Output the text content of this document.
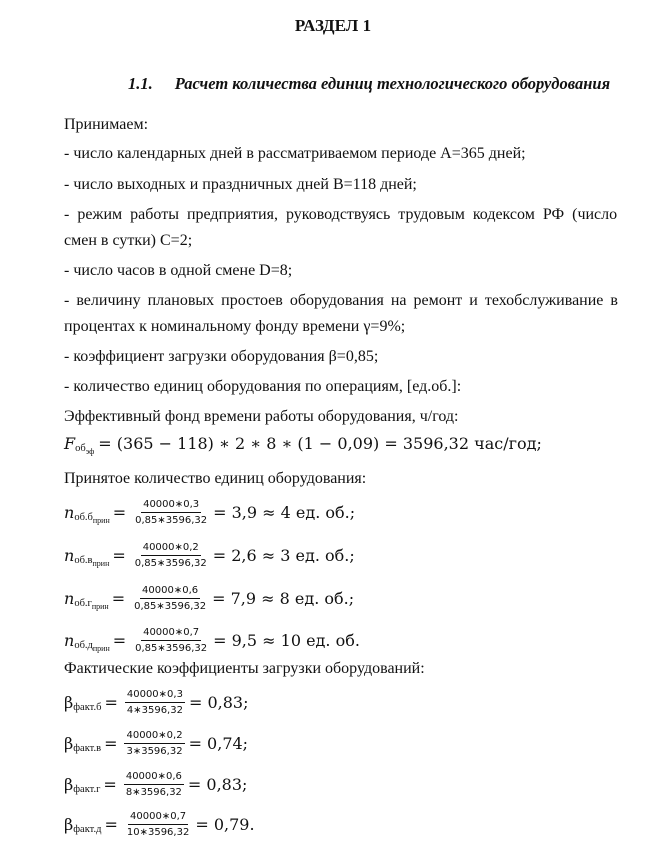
РАЗДЕЛ 1
1.1. Расчет количества единиц технологического оборудования
Принимаем:
- число календарных дней в рассматриваемом периоде А=365 дней;
- число выходных и праздничных дней В=118 дней;
- режим работы предприятия, руководствуясь трудовым кодексом РФ (число
смен в сутки) С=2;
- число часов в одной смене D=8;
- величину плановых простоев оборудования на ремонт и техобслуживание в
процентах к номинальному фонду времени γ=9%;
- коэффициент загрузки оборудования β=0,85;
- количество единиц оборудования по операциям, [ед.об.]:
Эффективный фонд времени работы оборудования, ч/год:
F $об_{эф} = (365 - 118)$ ∗ 2 ∗ 8 ∗ (1 − 0,09) = 3596,32 час/год;
Принятое количество единиц оборудования:
n $об.б_{прин} = \frac{40000∗0,3}{0,85∗3596,32} = 3,9 \approx 4$ ед. об.;
n $об.в_{прин} = \frac{40000∗0,2}{0,85∗3596,32} = 2,6 \approx 3$ ед. об.;
n $об.г_{прин} = \frac{40000∗0,6}{0,85∗3596,32} = 7,9 \approx 8$ ед. об.;
n $об.д_{прин} = \frac{40000∗0,7}{0,85∗3596,32} = 9,5 \approx 10$ ед. об.
Фактические коэффициенты загрузки оборудований:
β факт.б = $\frac{40000∗0,3}{4∗3596,32} = 0,83$;
β факт.в = $\frac{40000∗0,2}{3∗3596,32} = 0,74$;
β факт.г = $\frac{40000∗0,6}{8∗3596,32} = 0,83$;
β факт.д = $\frac{40000∗0,7}{10∗3596,32} = 0,79$.
